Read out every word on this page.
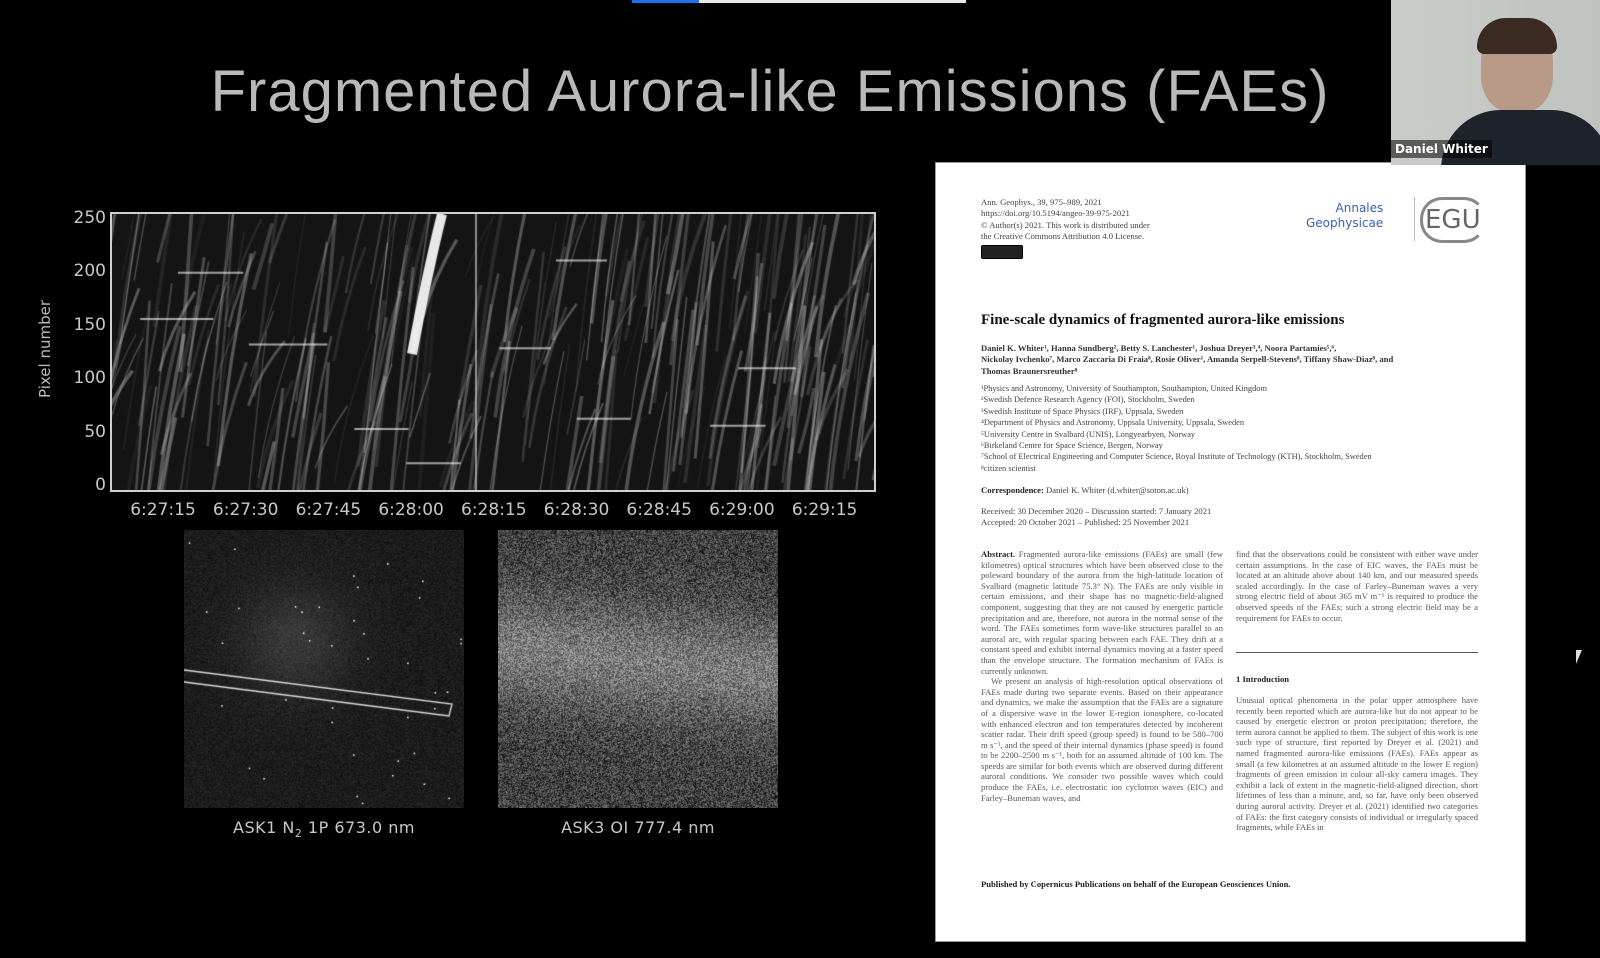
Fragmented Aurora-like Emissions (FAEs)
Pixel number
250
200
150
100
50
0
6:27:15	6:27:30	6:27:45	6:28:00	6:28:15	6:28:30	6:28:45	6:29:00	6:29:15
ASK1 $N_2$ 1P 673.0 nm	ASK3 OI 777.4 nm
Ann. Geophys., 39, 975–989, 2021
https://doi.org/10.5194/angeo-39-975-2021
© Author(s) 2021. This work is distributed under
the Creative Commons Attribution 4.0 License.
Annales
Geophysicae EGU
Fine-scale dynamics of fragmented aurora-like emissions
Daniel K. Whiter¹, Hanna Sundberg², Betty S. Lanchester¹, Joshua Dreyer³,⁴, Noora Partamies⁵,⁶,
Nickolay Ivchenko⁷, Marco Zaccaria Di Fraia⁸, Rosie Oliver¹, Amanda Serpell-Stevens⁸, Tiffany Shaw-Diaz⁸, and
Thomas Braunersreuther⁸
¹Physics and Astronomy, University of Southampton, Southampton, United Kingdom
²Swedish Defence Research Agency (FOI), Stockholm, Sweden
³Swedish Institute of Space Physics (IRF), Uppsala, Sweden
⁴Department of Physics and Astronomy, Uppsala University, Uppsala, Sweden
⁵University Centre in Svalbard (UNIS), Longyearbyen, Norway
⁶Birkeland Centre for Space Science, Bergen, Norway
⁷School of Electrical Engineering and Computer Science, Royal Institute of Technology (KTH), Stockholm, Sweden
⁸citizen scientist
Correspondence: Daniel K. Whiter (d.whiter@soton.ac.uk)
Received: 30 December 2020 – Discussion started: 7 January 2021
Accepted: 20 October 2021 – Published: 25 November 2021
Abstract. Fragmented aurora-like emissions (FAEs) are small (few kilometres) optical structures which have been observed close to the poleward boundary of the aurora from the high-latitude location of Svalbard (magnetic latitude 75.3° N). The FAEs are only visible in certain emissions, and their shape has no magnetic-field-aligned component, suggesting that they are not caused by energetic particle precipitation and are, therefore, not aurora in the normal sense of the word. The FAEs sometimes form wave-like structures parallel to an auroral arc, with regular spacing between each FAE. They drift at a constant speed and exhibit internal dynamics moving at a faster speed than the envelope structure. The formation mechanism of FAEs is currently unknown.
We present an analysis of high-resolution optical observations of FAEs made during two separate events. Based on their appearance and dynamics, we make the assumption that the FAEs are a signature of a dispersive wave in the lower E-region ionosphere, co-located with enhanced electron and ion temperatures detected by incoherent scatter radar. Their drift speed (group speed) is found to be 580–700 m s⁻¹, and the speed of their internal dynamics (phase speed) is found to be 2200–2500 m s⁻¹, both for an assumed altitude of 100 km. The speeds are similar for both events which are observed during different auroral conditions. We consider two possible waves which could produce the FAEs, i.e. electrostatic ion cyclotron waves (EIC) and Farley–Buneman waves, and
find that the observations could be consistent with either wave under certain assumptions. In the case of EIC waves, the FAEs must be located at an altitude above about 140 km, and our measured speeds scaled accordingly. In the case of Farley–Buneman waves a very strong electric field of about 365 mV m⁻¹ is required to produce the observed speeds of the FAEs; such a strong electric field may be a requirement for FAEs to occur.
1 Introduction
Unusual optical phenomena in the polar upper atmosphere have recently been reported which are aurora-like but do not appear to be caused by energetic electron or proton precipitation; therefore, the term aurora cannot be applied to them. The subject of this work is one such type of structure, first reported by Dreyer et al. (2021) and named fragmented aurora-like emissions (FAEs). FAEs appear as small (a few kilometres at an assumed altitude in the lower E region) fragments of green emission in colour all-sky camera images. They exhibit a lack of extent in the magnetic-field-aligned direction, short lifetimes of less than a minute, and, so far, have only been observed during auroral activity. Dreyer et al. (2021) identified two categories of FAEs: the first category consists of individual or irregularly spaced fragments, while FAEs in
Published by Copernicus Publications on behalf of the European Geosciences Union.
Daniel Whiter
